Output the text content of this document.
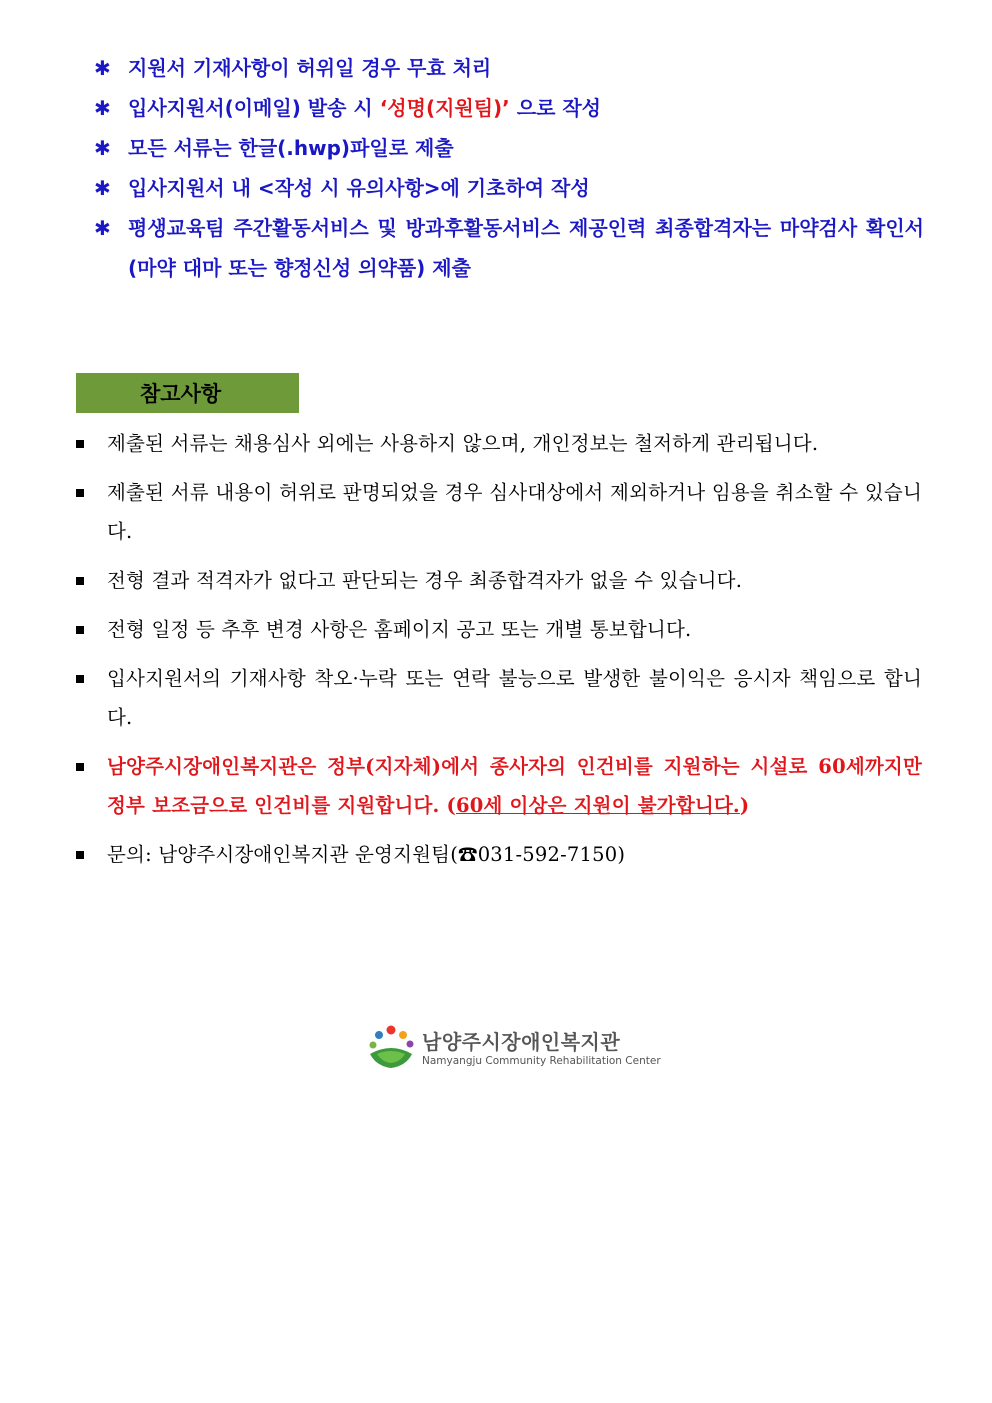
✱ 지원서 기재사항이 허위일 경우 무효 처리
✱ 입사지원서(이메일) 발송 시 ‘성명(지원팀)’ 으로 작성
✱ 모든 서류는 한글(.hwp)파일로 제출
✱ 입사지원서 내 <작성 시 유의사항>에 기초하여 작성
✱ 평생교육팀 주간활동서비스 및 방과후활동서비스 제공인력 최종합격자는 마약검사 확인서(마약 대마 또는 향정신성 의약품) 제출
참고사항
제출된 서류는 채용심사 외에는 사용하지 않으며, 개인정보는 철저하게 관리됩니다.
제출된 서류 내용이 허위로 판명되었을 경우 심사대상에서 제외하거나 임용을 취소할 수 있습니다.
전형 결과 적격자가 없다고 판단되는 경우 최종합격자가 없을 수 있습니다.
전형 일정 등 추후 변경 사항은 홈페이지 공고 또는 개별 통보합니다.
입사지원서의 기재사항 착오·누락 또는 연락 불능으로 발생한 불이익은 응시자 책임으로 합니다.
남양주시장애인복지관은 정부(지자체)에서 종사자의 인건비를 지원하는 시설로 60세까지만 정부 보조금으로 인건비를 지원합니다. (60세 이상은 지원이 불가합니다.)
문의: 남양주시장애인복지관 운영지원팀(☎031-592-7150)
남양주시장애인복지관
Namyangju Community Rehabilitation Center
